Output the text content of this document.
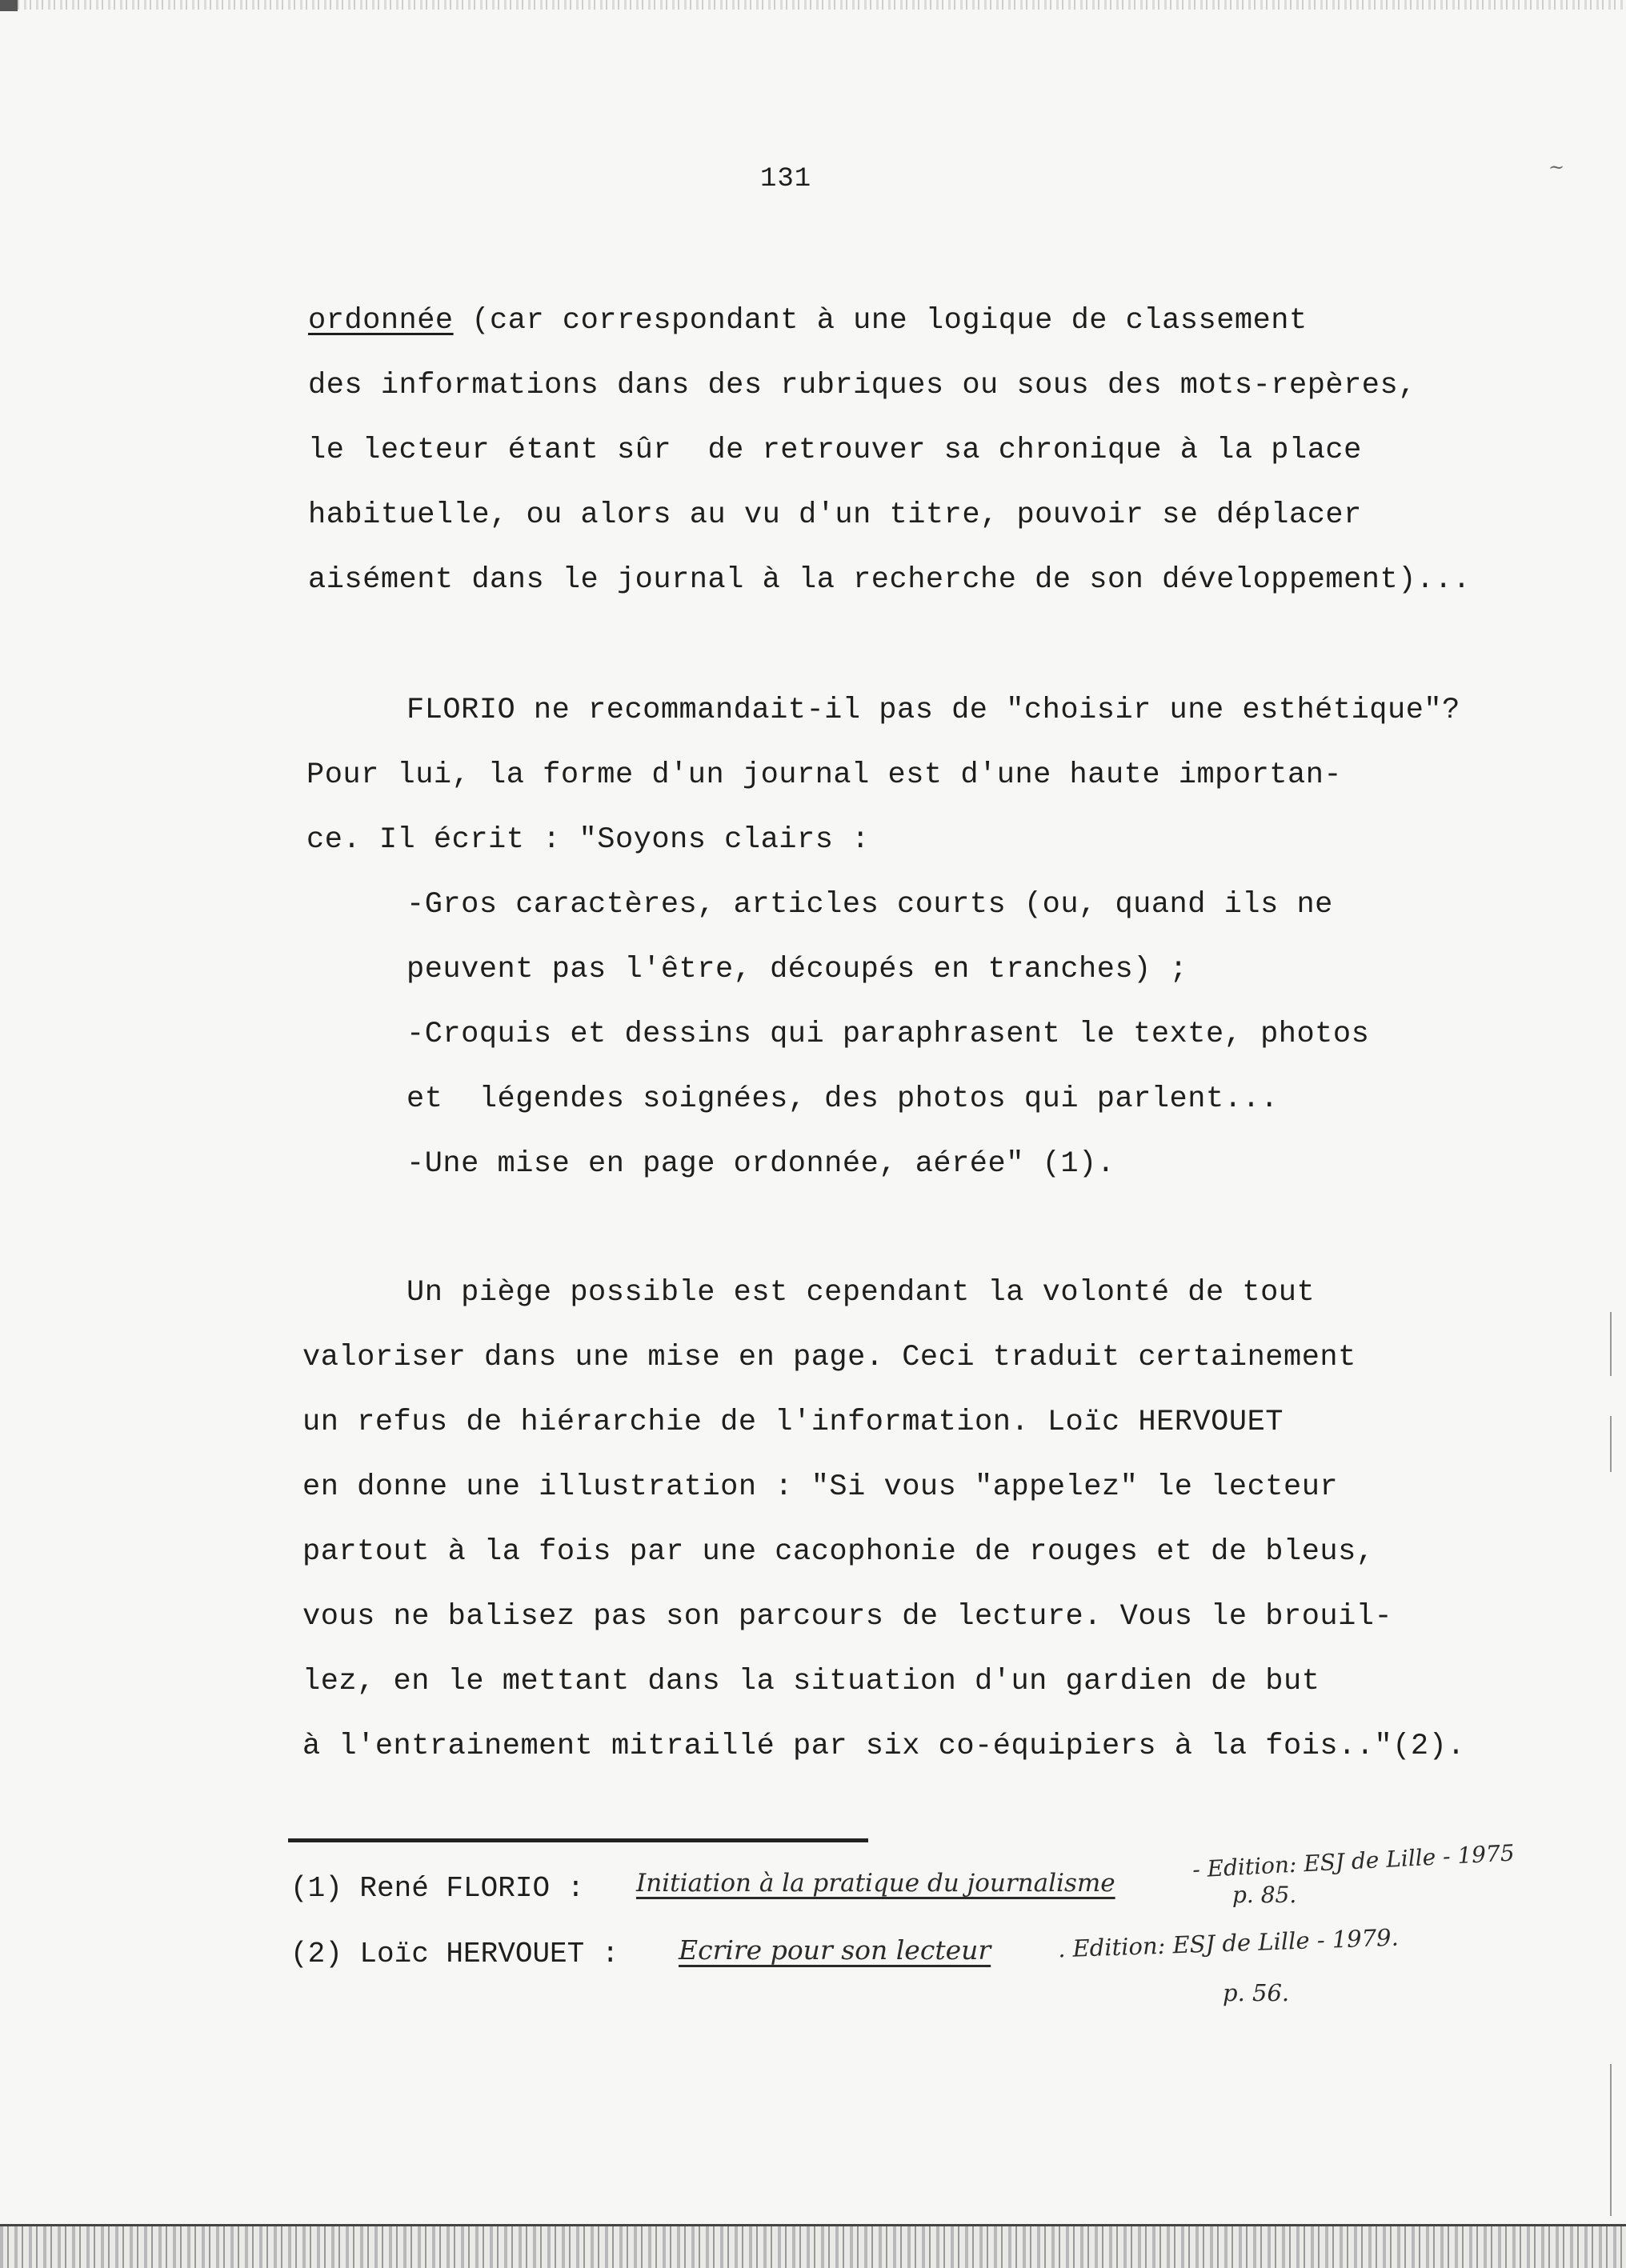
131	~
ordonnée (car correspondant à une logique de classement
des informations dans des rubriques ou sous des mots-repères,
le lecteur étant sûr  de retrouver sa chronique à la place
habituelle, ou alors au vu d'un titre, pouvoir se déplacer
aisément dans le journal à la recherche de son développement)...
FLORIO ne recommandait-il pas de "choisir une esthétique"?
Pour lui, la forme d'un journal est d'une haute importan-
ce. Il écrit : "Soyons clairs :
-Gros caractères, articles courts (ou, quand ils ne
peuvent pas l'être, découpés en tranches) ;
-Croquis et dessins qui paraphrasent le texte, photos
et  légendes soignées, des photos qui parlent...
-Une mise en page ordonnée, aérée" (1).
Un piège possible est cependant la volonté de tout
valoriser dans une mise en page. Ceci traduit certainement
un refus de hiérarchie de l'information. Loïc HERVOUET
en donne une illustration : "Si vous "appelez" le lecteur
partout à la fois par une cacophonie de rouges et de bleus,
vous ne balisez pas son parcours de lecture. Vous le brouil-
lez, en le mettant dans la situation d'un gardien de but
à l'entrainement mitraillé par six co-équipiers à la fois.."(2).
(1) René FLORIO : Initiation à la pratique du journalisme
- Edition: ESJ de Lille - 1975
p. 85.
(2) Loïc HERVOUET : Ecrire pour son lecteur	. Edition: ESJ de Lille - 1979.
p. 56.
